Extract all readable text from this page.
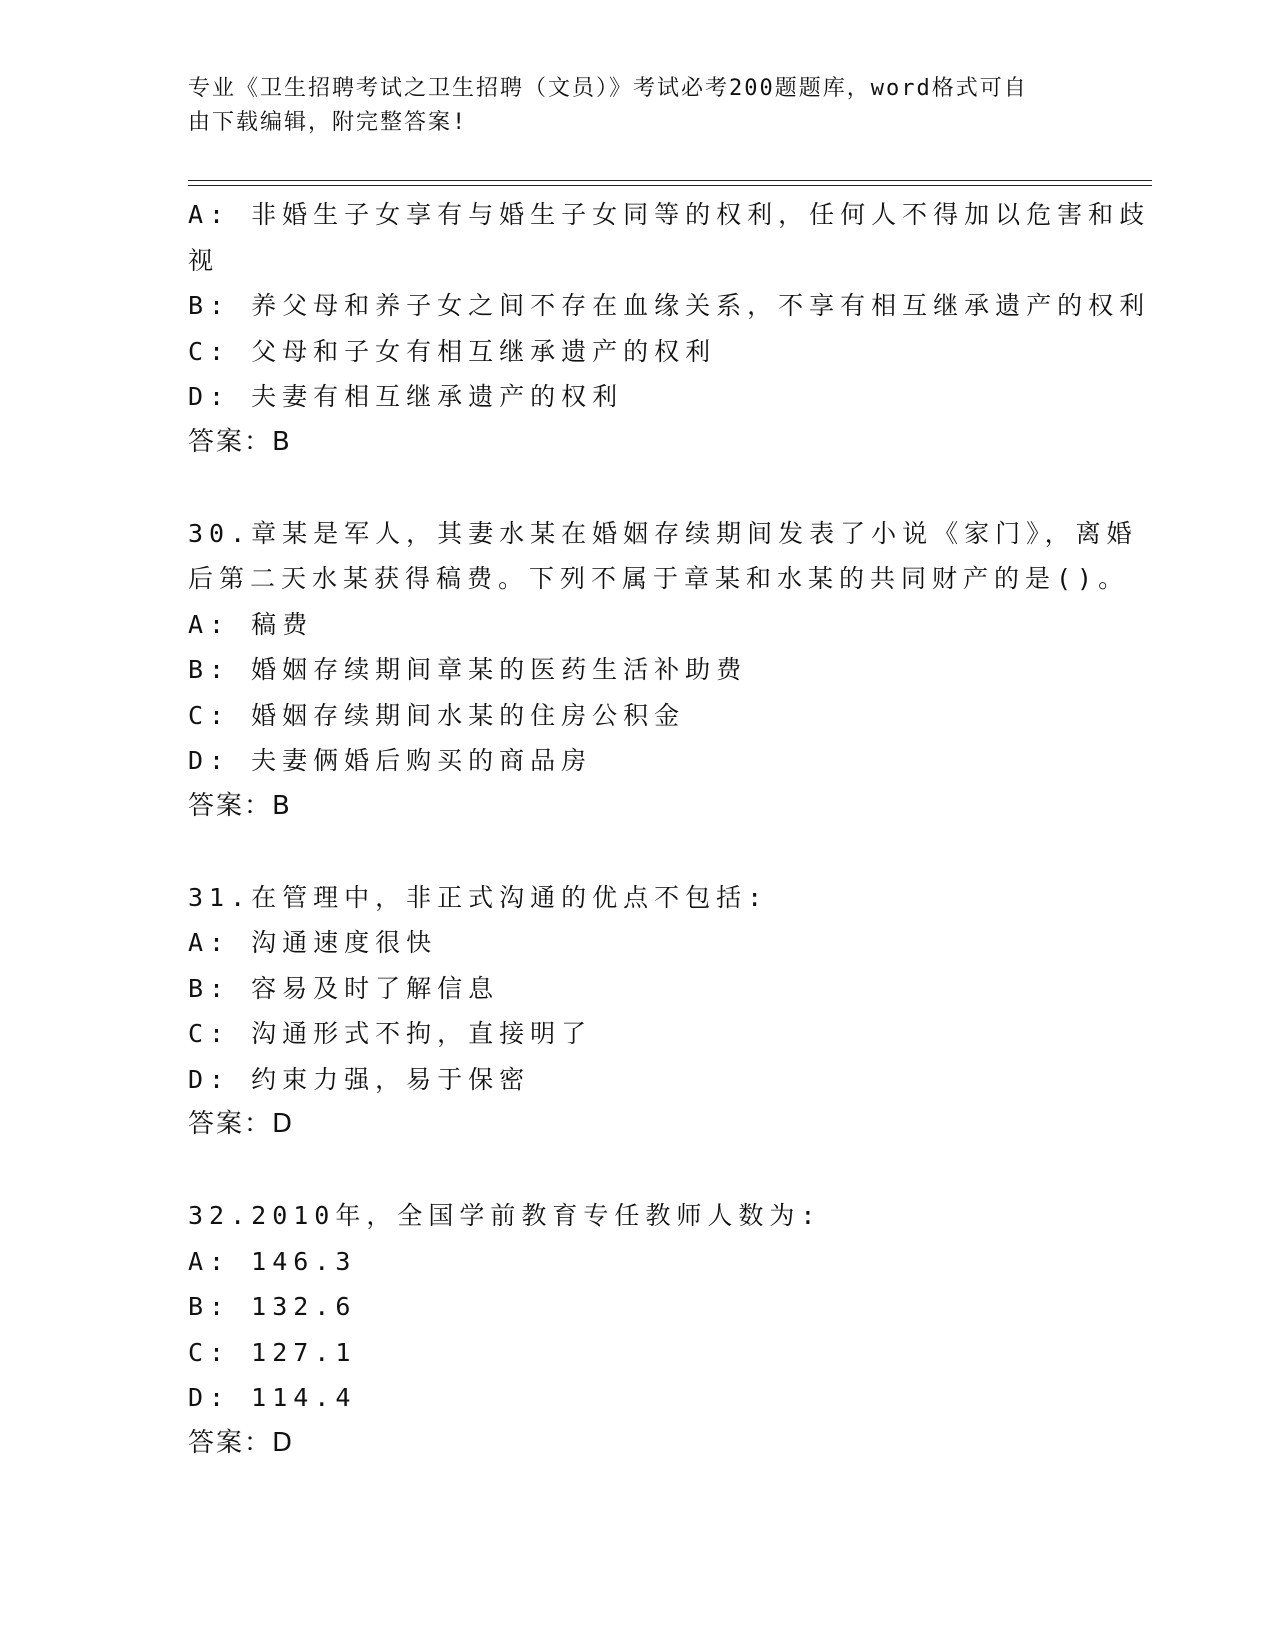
专业《卫生招聘考试之卫生招聘（文员）》考试必考200题题库，word格式可自
由下载编辑，附完整答案!
A: 非婚生子女享有与婚生子女同等的权利，任何人不得加以危害和歧
视
B: 养父母和养子女之间不存在血缘关系，不享有相互继承遗产的权利
C: 父母和子女有相互继承遗产的权利
D: 夫妻有相互继承遗产的权利
答案：B
30.章某是军人，其妻水某在婚姻存续期间发表了小说《家门》，离婚
后第二天水某获得稿费。下列不属于章某和水某的共同财产的是()。
A: 稿费
B: 婚姻存续期间章某的医药生活补助费
C: 婚姻存续期间水某的住房公积金
D: 夫妻俩婚后购买的商品房
答案：B
31.在管理中，非正式沟通的优点不包括:
A: 沟通速度很快
B: 容易及时了解信息
C: 沟通形式不拘，直接明了
D: 约束力强，易于保密
答案：D
32.2010年，全国学前教育专任教师人数为:
A: 146.3
B: 132.6
C: 127.1
D: 114.4
答案：D
